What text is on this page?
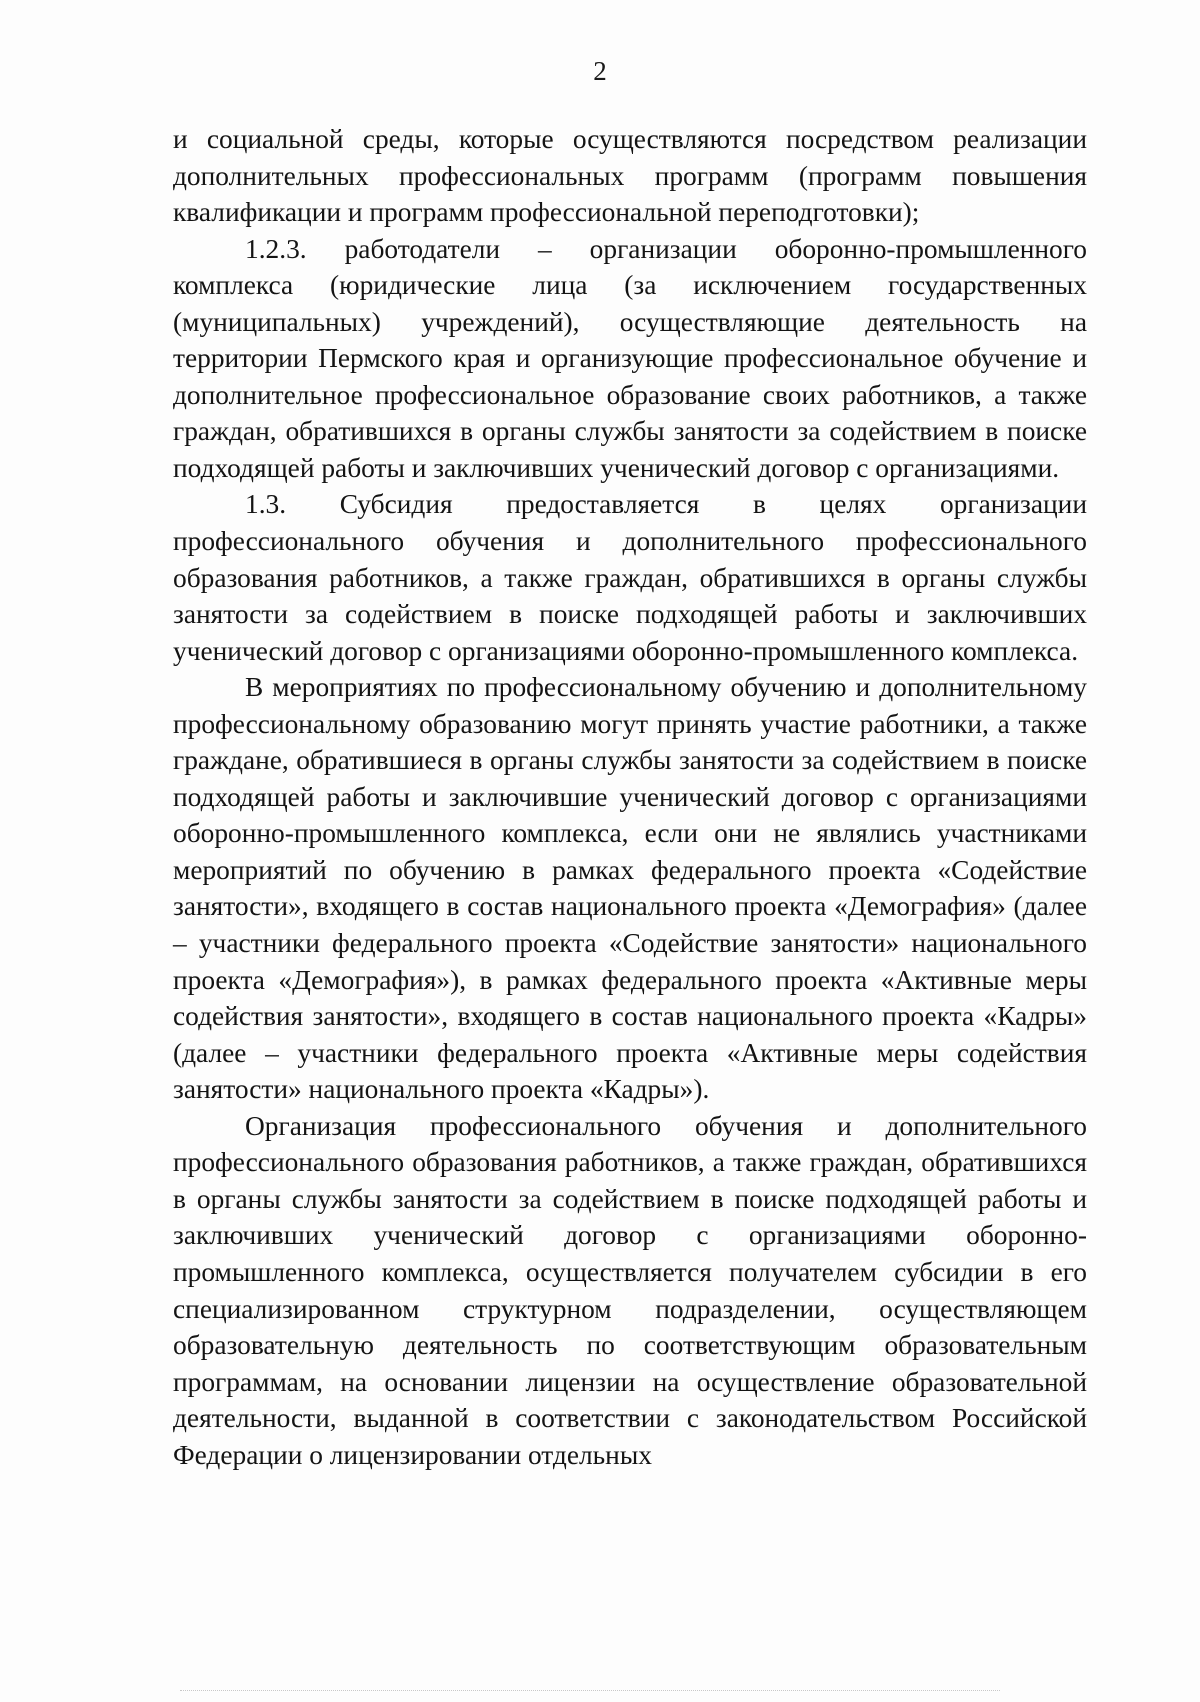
2

и социальной среды, которые осуществляются посредством реализации дополнительных профессиональных программ (программ повышения квалификации и программ профессиональной переподготовки);

1.2.3. работодатели – организации оборонно-промышленного комплекса (юридические лица (за исключением государственных (муниципальных) учреждений), осуществляющие деятельность на территории Пермского края и организующие профессиональное обучение и дополнительное профессиональное образование своих работников, а также граждан, обратившихся в органы службы занятости за содействием в поиске подходящей работы и заключивших ученический договор с организациями.

1.3. Субсидия предоставляется в целях организации профессионального обучения и дополнительного профессионального образования работников, а также граждан, обратившихся в органы службы занятости за содействием в поиске подходящей работы и заключивших ученический договор с организациями оборонно-промышленного комплекса.

В мероприятиях по профессиональному обучению и дополнительному профессиональному образованию могут принять участие работники, а также граждане, обратившиеся в органы службы занятости за содействием в поиске подходящей работы и заключившие ученический договор с организациями оборонно-промышленного комплекса, если они не являлись участниками мероприятий по обучению в рамках федерального проекта «Содействие занятости», входящего в состав национального проекта «Демография» (далее – участники федерального проекта «Содействие занятости» национального проекта «Демография»), в рамках федерального проекта «Активные меры содействия занятости», входящего в состав национального проекта «Кадры» (далее – участники федерального проекта «Активные меры содействия занятости» национального проекта «Кадры»).

Организация профессионального обучения и дополнительного профессионального образования работников, а также граждан, обратившихся в органы службы занятости за содействием в поиске подходящей работы и заключивших ученический договор с организациями оборонно-промышленного комплекса, осуществляется получателем субсидии в его специализированном структурном подразделении, осуществляющем образовательную деятельность по соответствующим образовательным программам, на основании лицензии на осуществление образовательной деятельности, выданной в соответствии с законодательством Российской Федерации о лицензировании отдельных
